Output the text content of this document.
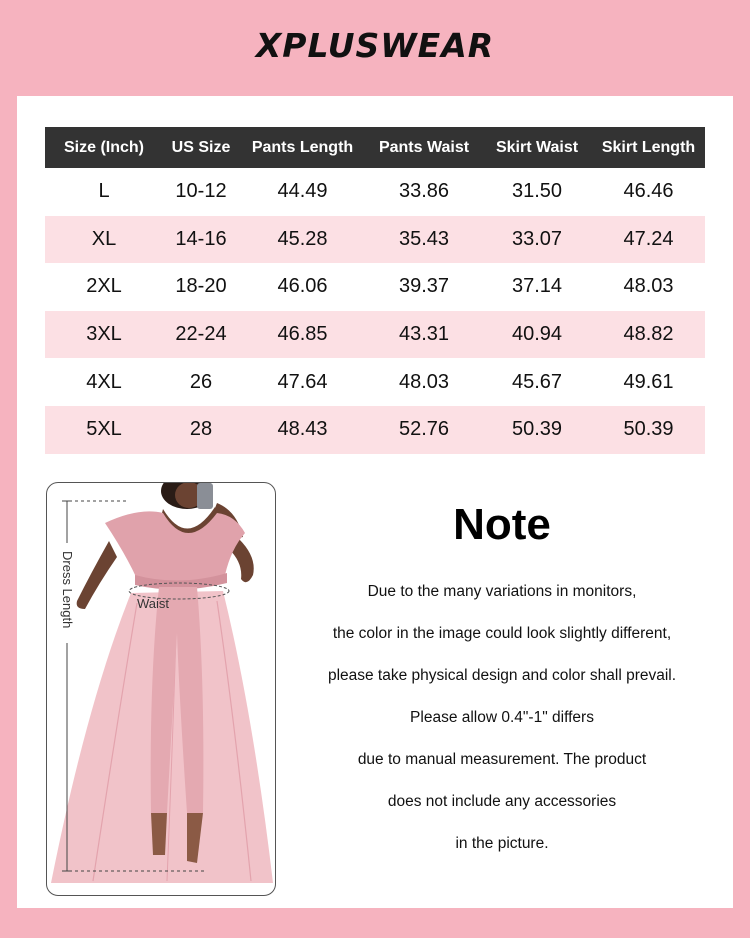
XPLUSWEAR
Size (Inch)	US Size	Pants Length	Pants Waist	Skirt Waist	Skirt Length
L	10-12	44.49	33.86	31.50	46.46
XL	14-16	45.28	35.43	33.07	47.24
2XL	18-20	46.06	39.37	37.14	48.03
3XL	22-24	46.85	43.31	40.94	48.82
4XL	26	47.64	48.03	45.67	49.61
5XL	28	48.43	52.76	50.39	50.39
Dress Length	Waist
Note
Due to the many variations in monitors,
the color in the image could look slightly different,
please take physical design and color shall prevail.
Please allow 0.4"-1" differs
due to manual measurement. The product
does not include any accessories
in the picture.
